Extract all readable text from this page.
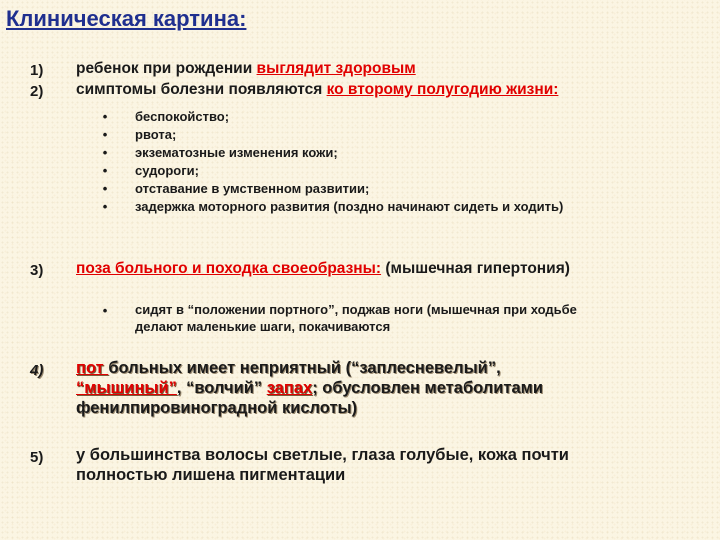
Клиническая картина:
1) ребенок при рождении выглядит здоровым
2) симптомы болезни появляются ко второму полугодию жизни:
• беспокойство;
• рвота;
• экзематозные изменения кожи;
• судороги;
• отставание в умственном развитии;
• задержка моторного развития (поздно начинают сидеть и ходить)
3) поза больного и походка своеобразны: (мышечная гипертония)
• сидят в “положении портного”, поджав ноги (мышечная при ходьбе
делают маленькие шаги, покачиваются
4) пот больных имеет неприятный (“заплесневелый”,
“мышиный”, “волчий” запах; обусловлен метаболитами
фенилпировиноградной кислоты)
5) у большинства волосы светлые, глаза голубые, кожа почти
полностью лишена пигментации
